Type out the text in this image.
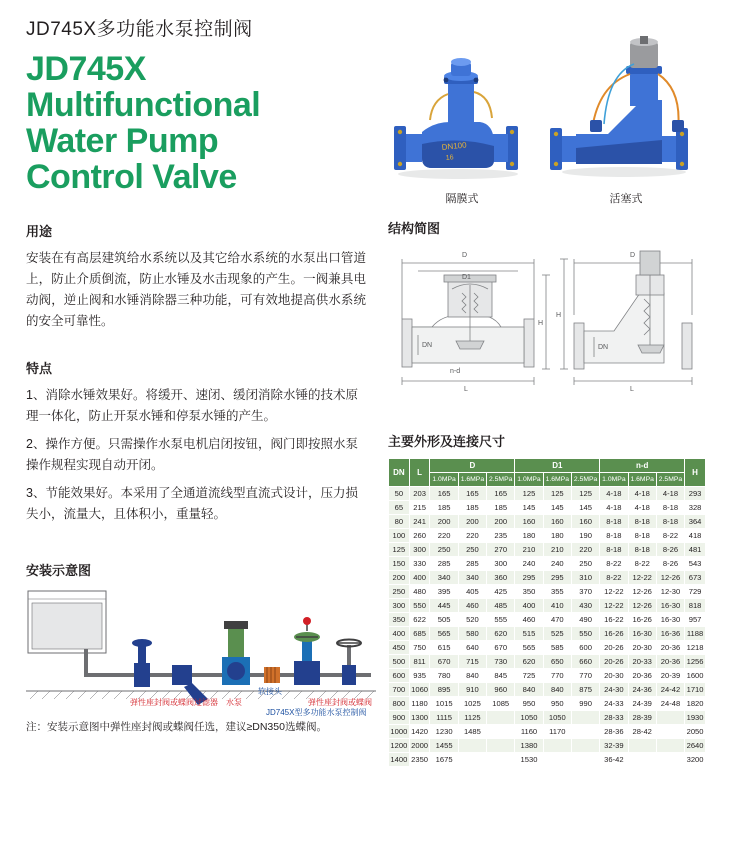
JD745X多功能水泵控制阀
JD745X
Multifunctional
Water Pump
Control Valve
用途
安装在有高层建筑给水系统以及其它给水系统的水泵出口管道上，防止介质倒流，防止水锤及水击现象的产生。一阀兼具电动阀，逆止阀和水锤消除器三种功能，可有效地提高供水系统的安全可靠性。
特点
1、消除水锤效果好。将缓开、速闭、缓闭消除水锤的技术原理一体化，防止开泵水锤和停泵水锤的产生。
2、操作方便。只需操作水泵电机启闭按钮，阀门即按照水泵操作规程实现自动开闭。
3、节能效果好。本采用了全通道流线型直流式设计，压力损失小，流量大，且体积小，重量轻。
安装示意图
弹性座封阀或蝶阀 过滤器 水泵
软接头
弹性座封阀或蝶阀
JD745X型多功能水泵控制阀
注：安装示意图中弹性座封阀或蝶阀任选，建议≥DN350选蝶阀。
DN100
16
隔膜式	活塞式
结构简图
H
DN
L
n-d
D
D1
H
DN
L
D
主要外形及连接尺寸
DN	L	D			D1			n-d			H
		1.0MPa	1.6MPa	2.5MPa	1.0MPa	1.6MPa	2.5MPa	1.0MPa	1.6MPa	2.5MPa	
50	203	165	165	165	125	125	125	4-18	4-18	4-18	293
65	215	185	185	185	145	145	145	4-18	4-18	8-18	328
80	241	200	200	200	160	160	160	8-18	8-18	8-18	364
100	260	220	220	235	180	180	190	8-18	8-18	8-22	418
125	300	250	250	270	210	210	220	8-18	8-18	8-26	481
150	330	285	285	300	240	240	250	8-22	8-22	8-26	543
200	400	340	340	360	295	295	310	8-22	12-22	12-26	673
250	480	395	405	425	350	355	370	12-22	12-26	12-30	729
300	550	445	460	485	400	410	430	12-22	12-26	16-30	818
350	622	505	520	555	460	470	490	16-22	16-26	16-30	957
400	685	565	580	620	515	525	550	16-26	16-30	16-36	1188
450	750	615	640	670	565	585	600	20-26	20-30	20-36	1218
500	811	670	715	730	620	650	660	20-26	20-33	20-36	1256
600	935	780	840	845	725	770	770	20-30	20-36	20-39	1600
700	1060	895	910	960	840	840	875	24-30	24-36	24-42	1710
800	1180	1015	1025	1085	950	950	990	24-33	24-39	24-48	1820
900	1300	1115	1125		1050	1050		28-33	28-39		1930
1000	1420	1230	1485		1160	1170		28-36	28-42		2050
1200	2000	1455			1380			32-39			2640
1400	2350	1675			1530			36-42			3200
